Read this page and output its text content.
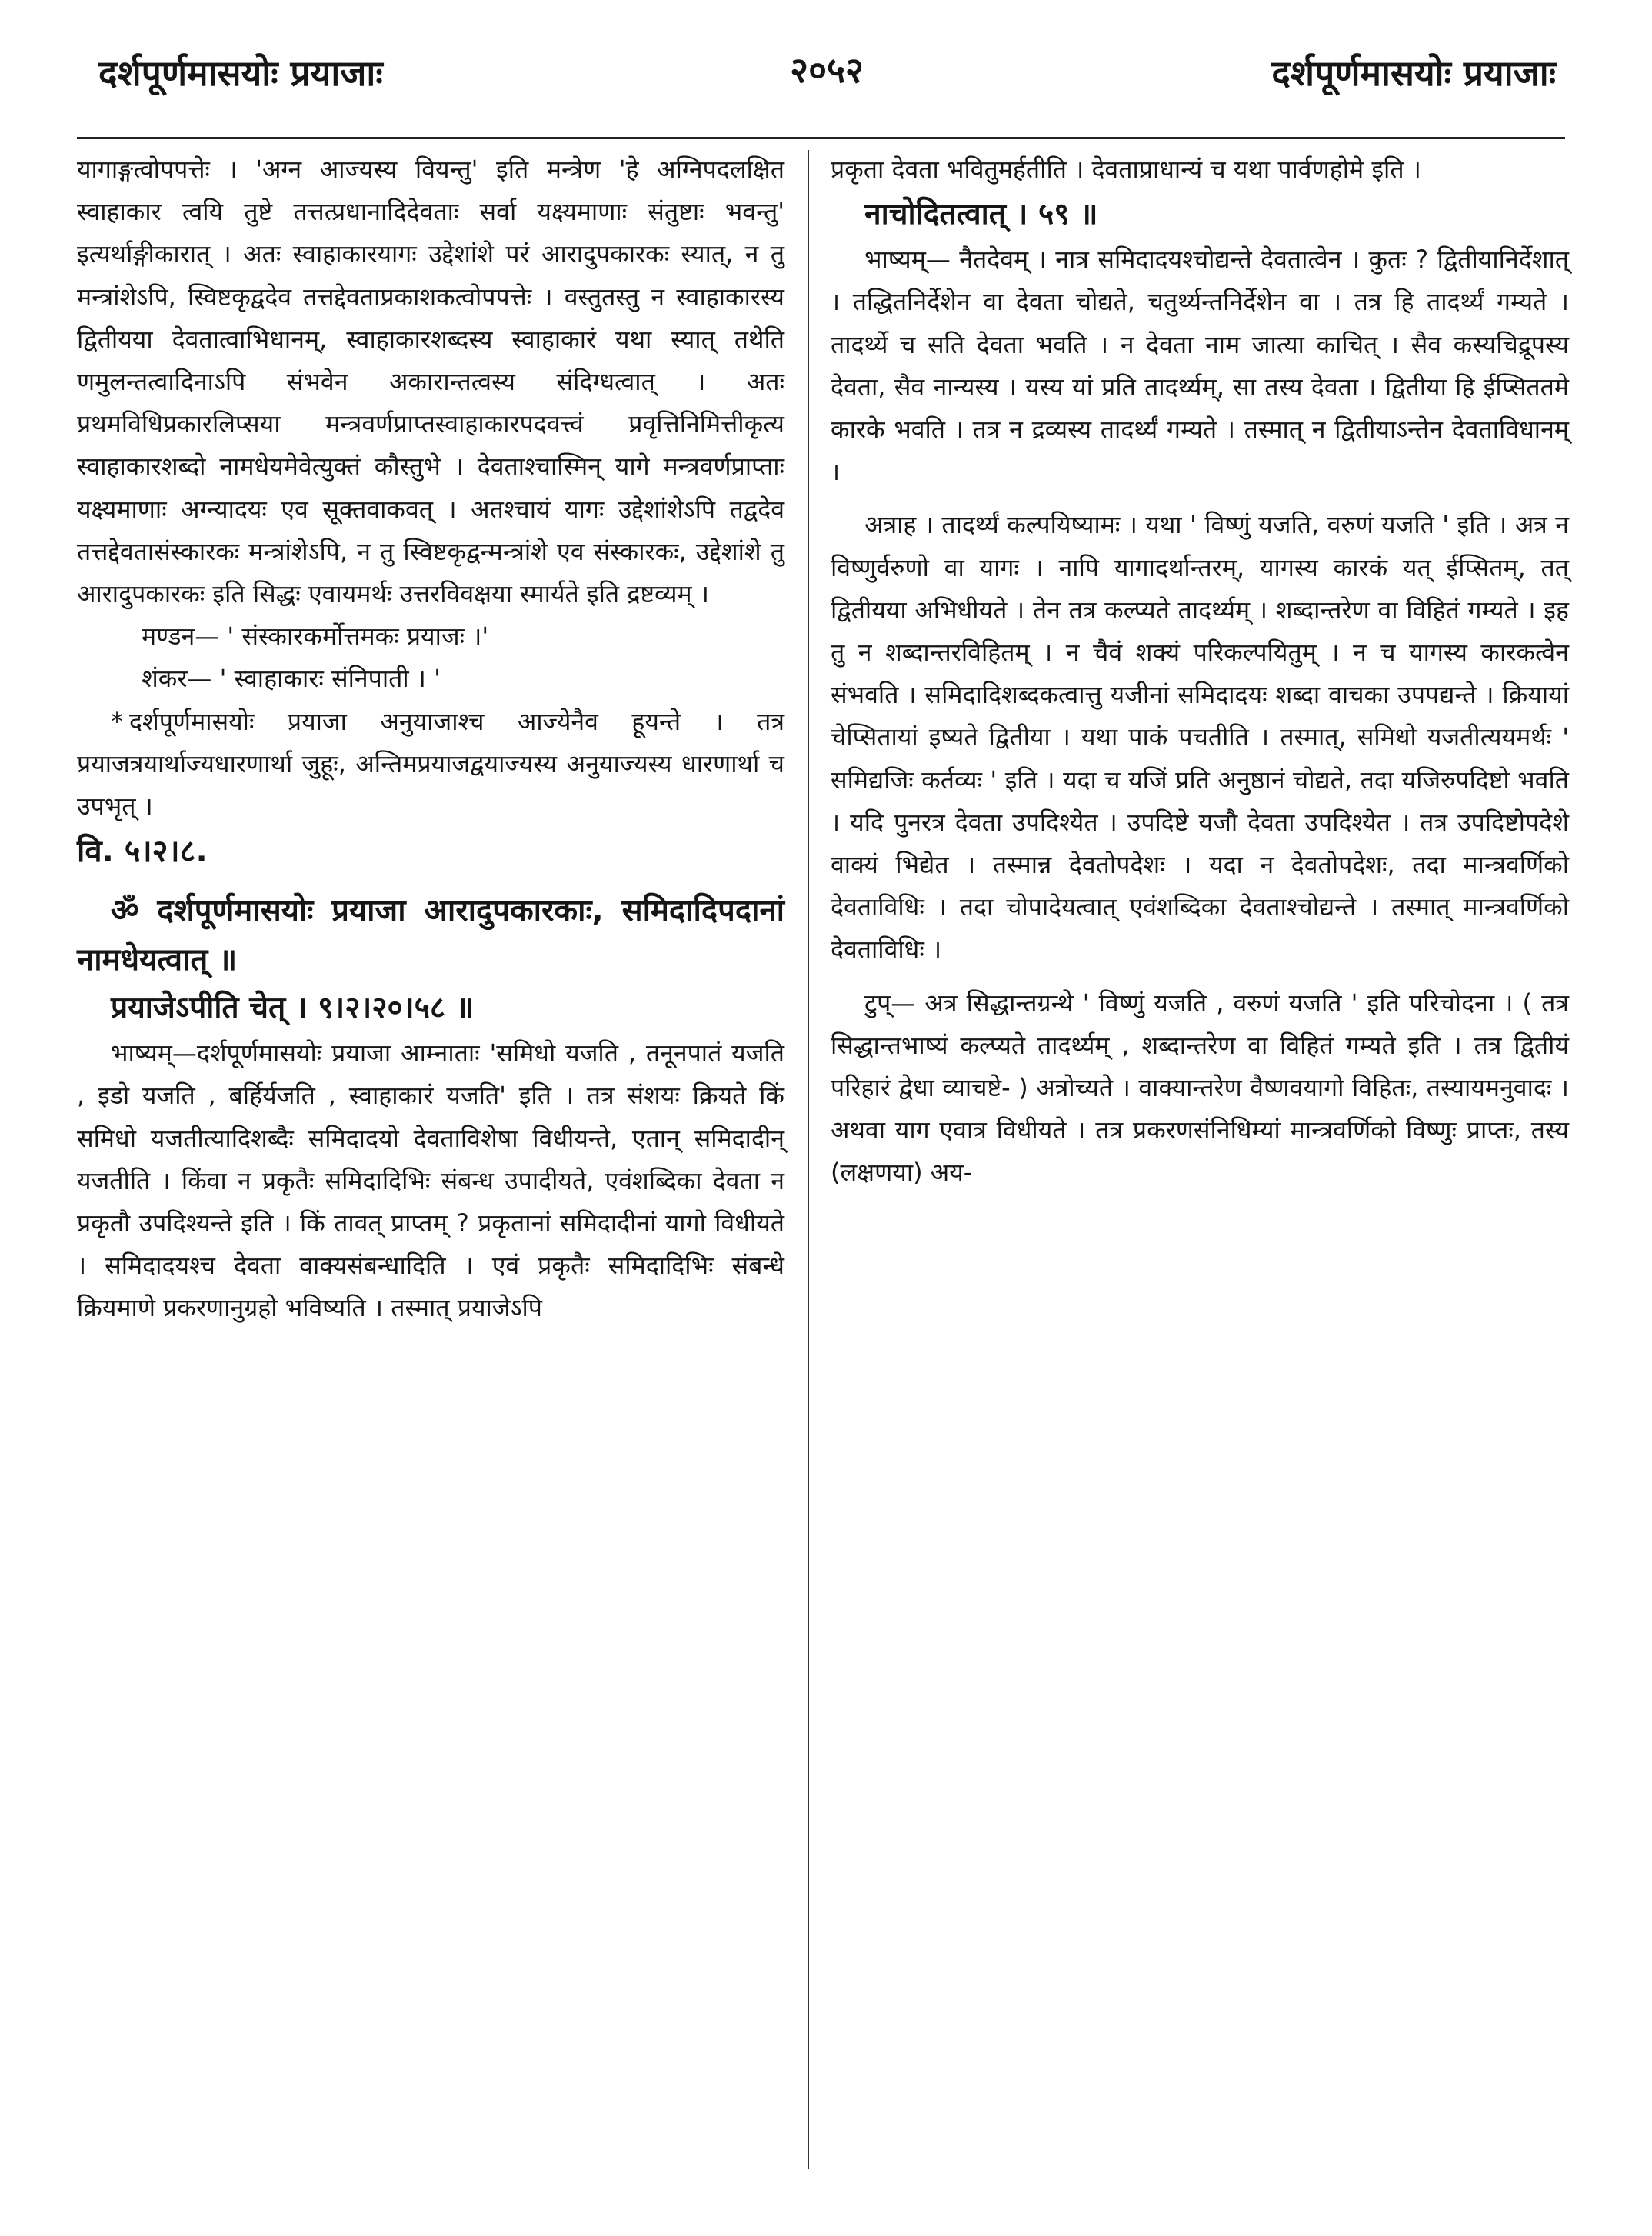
दर्शपूर्णमासयोः प्रयाजाः	२०५२	दर्शपूर्णमासयोः प्रयाजाः

यागाङ्गत्वोपपत्तेः । 'अग्न आज्यस्य वियन्तु' इति मन्त्रेण 'हे अग्निपदलक्षित स्वाहाकार त्वयि तुष्टे तत्तत्प्रधानादिदेवताः सर्वा यक्ष्यमाणाः संतुष्टाः भवन्तु' इत्यर्थाङ्गीकारात् । अतः स्वाहाकारयागः उद्देशांशे परं आरादुपकारकः स्यात्, न तु मन्त्रांशेऽपि, स्विष्टकृद्वदेव तत्तद्देवताप्रकाशकत्वोपपत्तेः । वस्तुतस्तु न स्वाहाकारस्य द्वितीयया देवतात्वाभिधानम्, स्वाहाकारशब्दस्य स्वाहाकारं यथा स्यात् तथेति णमुलन्तत्वादिनाऽपि संभवेन अकारान्तत्वस्य संदिग्धत्वात् । अतः प्रथमविधिप्रकारलिप्सया मन्त्रवर्णप्राप्तस्वाहाकारपदवत्त्वं प्रवृत्तिनिमित्तीकृत्य स्वाहाकारशब्दो नामधेयमेवेत्युक्तं कौस्तुभे । देवताश्चास्मिन् यागे मन्त्रवर्णप्राप्ताः यक्ष्यमाणाः अग्न्यादयः एव सूक्तवाकवत् । अतश्चायं यागः उद्देशांशेऽपि तद्वदेव तत्तद्देवतासंस्कारकः मन्त्रांशेऽपि, न तु स्विष्टकृद्वन्मन्त्रांशे एव संस्कारकः, उद्देशांशे तु आरादुपकारकः इति सिद्धः एवायमर्थः उत्तरविवक्षया स्मार्यते इति द्रष्टव्यम् ।

मण्डन— ' संस्कारकर्मोत्तमकः प्रयाजः ।'

शंकर— ' स्वाहाकारः संनिपाती । '

* दर्शपूर्णमासयोः प्रयाजा अनुयाजाश्च आज्येनैव हूयन्ते । तत्र प्रयाजत्रयार्थाज्यधारणार्था जुहूः, अन्तिमप्रयाजद्वयाज्यस्य अनुयाज्यस्य धारणार्था च उपभृत् ।

वि. ५।२।८.

ॐ दर्शपूर्णमासयोः प्रयाजा आरादुपकारकाः, समिदादिपदानां नामधेयत्वात् ॥

प्रयाजेऽपीति चेत् । ९।२।२०।५८ ॥

भाष्यम्—दर्शपूर्णमासयोः प्रयाजा आम्नाताः 'समिधो यजति , तनूनपातं यजति , इडो यजति , बर्हिर्यजति , स्वाहाकारं यजति' इति । तत्र संशयः क्रियते किं समिधो यजतीत्यादिशब्दैः समिदादयो देवताविशेषा विधीयन्ते, एतान् समिदादीन् यजतीति । किंवा न प्रकृतैः समिदादिभिः संबन्ध उपादीयते, एवंशब्दिका देवता न प्रकृतौ उपदिश्यन्ते इति । किं तावत् प्राप्तम् ? प्रकृतानां समिदादीनां यागो विधीयते । समिदादयश्च देवता वाक्यसंबन्धादिति । एवं प्रकृतैः समिदादिभिः संबन्धे क्रियमाणे प्रकरणानुग्रहो भविष्यति । तस्मात् प्रयाजेऽपि

प्रकृता देवता भवितुमर्हतीति । देवताप्राधान्यं च यथा पार्वणहोमे इति ।

नाचोदितत्वात् । ५९ ॥

भाष्यम्— नैतदेवम् । नात्र समिदादयश्चोद्यन्ते देवतात्वेन । कुतः ? द्वितीयानिर्देशात् । तद्धितनिर्देशेन वा देवता चोद्यते, चतुर्थ्यन्तनिर्देशेन वा । तत्र हि तादर्थ्यं गम्यते । तादर्थ्ये च सति देवता भवति । न देवता नाम जात्या काचित् । सैव कस्यचिद्रूपस्य देवता, सैव नान्यस्य । यस्य यां प्रति तादर्थ्यम्, सा तस्य देवता । द्वितीया हि ईप्सिततमे कारके भवति । तत्र न द्रव्यस्य तादर्थ्यं गम्यते । तस्मात् न द्वितीयाऽन्तेन देवताविधानम् ।

अत्राह । तादर्थ्यं कल्पयिष्यामः । यथा ' विष्णुं यजति, वरुणं यजति ' इति । अत्र न विष्णुर्वरुणो वा यागः । नापि यागादर्थान्तरम्, यागस्य कारकं यत् ईप्सितम्, तत् द्वितीयया अभिधीयते । तेन तत्र कल्प्यते तादर्थ्यम् । शब्दान्तरेण वा विहितं गम्यते । इह तु न शब्दान्तरविहितम् । न चैवं शक्यं परिकल्पयितुम् । न च यागस्य कारकत्वेन संभवति । समिदादिशब्दकत्वात्तु यजीनां समिदादयः शब्दा वाचका उपपद्यन्ते । क्रियायां चेप्सितायां इष्यते द्वितीया । यथा पाकं पचतीति । तस्मात्, समिधो यजतीत्ययमर्थः ' समिद्यजिः कर्तव्यः ' इति । यदा च यजिं प्रति अनुष्ठानं चोद्यते, तदा यजिरुपदिष्टो भवति । यदि पुनरत्र देवता उपदिश्येत । उपदिष्टे यजौ देवता उपदिश्येत । तत्र उपदिष्टोपदेशे वाक्यं भिद्येत । तस्मान्न देवतोपदेशः । यदा न देवतोपदेशः, तदा मान्त्रवर्णिको देवताविधिः । तदा चोपादेयत्वात् एवंशब्दिका देवताश्चोद्यन्ते । तस्मात् मान्त्रवर्णिको देवताविधिः ।

टुप्— अत्र सिद्धान्तग्रन्थे ' विष्णुं यजति , वरुणं यजति ' इति परिचोदना । ( तत्र सिद्धान्तभाष्यं कल्प्यते तादर्थ्यम् , शब्दान्तरेण वा विहितं गम्यते इति । तत्र द्वितीयं परिहारं द्वेधा व्याचष्टे- ) अत्रोच्यते । वाक्यान्तरेण वैष्णवयागो विहितः, तस्यायमनुवादः । अथवा याग एवात्र विधीयते । तत्र प्रकरणसंनिधिम्यां मान्त्रवर्णिको विष्णुः प्राप्तः, तस्य (लक्षणया) अय-
